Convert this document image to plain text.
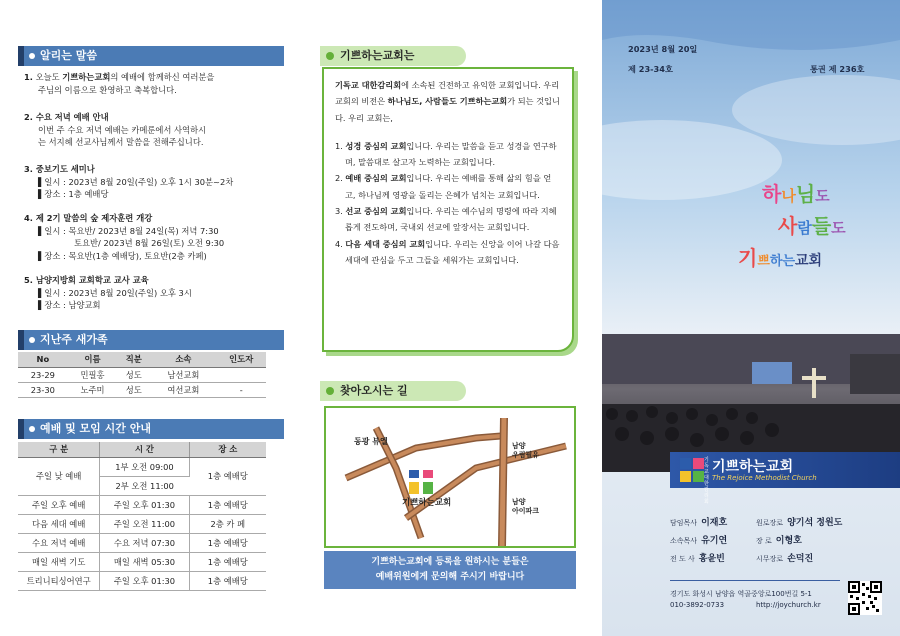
알리는 말씀
1. 오늘도 기쁘하는교회의 예배에 함께하신 여러분을
주님의 이름으로 환영하고 축복합니다.
2. 수요 저녁 예배 안내
이번 주 수요 저녁 예배는 카메룬에서 사역하시
는 서지혜 선교사님께서 말씀을 전해주십니다.
3. 중보기도 세미나
▌일시 : 2023년 8월 20일(주일) 오후 1시 30분~2차
▌장소 : 1층 예배당
4. 제 2기 말씀의 숲 제자훈련 개강
▌일시 : 목요반/ 2023년 8월 24일(목) 저녁 7:30
토요반/ 2023년 8월 26일(토) 오전 9:30
▌장소 : 목요반(1층 예배당), 토요반(2층 카페)
5. 남양지방회 교회학교 교사 교육
▌일시 : 2023년 8월 20일(주일) 오후 3시
▌장소 : 남양교회
지난주 새가족
No	이름	직분	소속	인도자
23-29	민필홍	성도	남선교회	
23-30	노주미	성도	여선교회	-
예배 및 모임 시간 안내
구 분	시 간	장 소
주일 낮 예배	1부 오전 09:00	1층 예배당
	2부 오전 11:00	
주일 오후 예배	주일 오후 01:30	1층 예배당
다음 세대 예배	주일 오전 11:00	2층 카 페
수요 저녁 예배	수요 저녁 07:30	1층 예배당
매일 새벽 기도	매일 새벽 05:30	1층 예배당
트리니티싱어연구	주일 오후 01:30	1층 예배당
기쁘하는교회는
기독교 대한감리회에 소속된 건전하고 유익한 교회입니다. 우리 교회의 비전은 하나님도, 사람들도 기쁘하는교회가 되는 것입니다. 우리 교회는,
1. 성경 중심의 교회입니다. 우리는 말씀을 듣고 성경을 연구하며, 말씀대로 살고자 노력하는 교회입니다.
2. 예배 중심의 교회입니다. 우리는 예배를 통해 삶의 힘을 얻고, 하나님께 영광을 돌리는 은혜가 넘치는 교회입니다.
3. 선교 중심의 교회입니다. 우리는 예수님의 명령에 따라 지혜롭게 전도하며, 국내외 선교에 앞장서는 교회입니다.
4. 다음 세대 중심의 교회입니다. 우리는 신앙을 이어 나갈 다음 세대에 관심을 두고 그들을 세워가는 교회입니다.
찾아오시는 길
동광 뷰엘
기쁘하는교회
남양
우림필유
남양
아이파크
기쁘하는교회에 등록을 원하시는 분들은
예배위원에게 문의해 주시기 바랍니다
2023년 8월 20일
제 23-34호	통권 제 236호
하나님도
사람들도
기쁘하는교회
기독교대한감리회
기쁘하는교회
The Rejoice Methodist Church
담임목사 이재호	원로장로 양기석 정원도
소속목사 유기연	장 로 이형호
전 도 사 홍윤빈	시무장로 손덕진
경기도 화성시 남양읍 역골중앙로100번길 5-1
010-3892-0733	http://joychurch.kr
